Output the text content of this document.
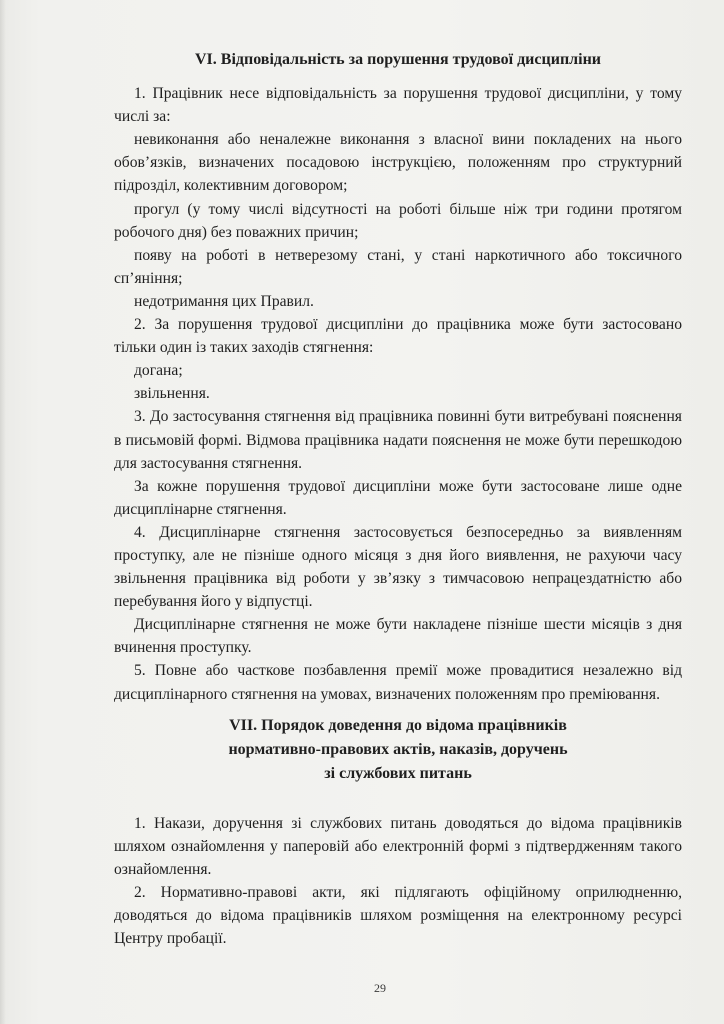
VI. Відповідальність за порушення трудової дисципліни
1. Працівник несе відповідальність за порушення трудової дисципліни, у тому числі за:
невиконання або неналежне виконання з власної вини покладених на нього обов’язків, визначених посадовою інструкцією, положенням про структурний підрозділ, колективним договором;
прогул (у тому числі відсутності на роботі більше ніж три години протягом робочого дня) без поважних причин;
появу на роботі в нетверезому стані, у стані наркотичного або токсичного сп’яніння;
недотримання цих Правил.
2. За порушення трудової дисципліни до працівника може бути застосовано тільки один із таких заходів стягнення:
догана;
звільнення.
3. До застосування стягнення від працівника повинні бути витребувані пояснення в письмовій формі. Відмова працівника надати пояснення не може бути перешкодою для застосування стягнення.
За кожне порушення трудової дисципліни може бути застосоване лише одне дисциплінарне стягнення.
4. Дисциплінарне стягнення застосовується безпосередньо за виявленням проступку, але не пізніше одного місяця з дня його виявлення, не рахуючи часу звільнення працівника від роботи у зв’язку з тимчасовою непрацездатністю або перебування його у відпустці.
Дисциплінарне стягнення не може бути накладене пізніше шести місяців з дня вчинення проступку.
5. Повне або часткове позбавлення премії може провадитися незалежно від дисциплінарного стягнення на умовах, визначених положенням про преміювання.
VII. Порядок доведення до відома працівників
нормативно-правових актів, наказів, доручень
зі службових питань
1. Накази, доручення зі службових питань доводяться до відома працівників шляхом ознайомлення у паперовій або електронній формі з підтвердженням такого ознайомлення.
2. Нормативно-правові акти, які підлягають офіційному оприлюдненню, доводяться до відома працівників шляхом розміщення на електронному ресурсі Центру пробації.
29
